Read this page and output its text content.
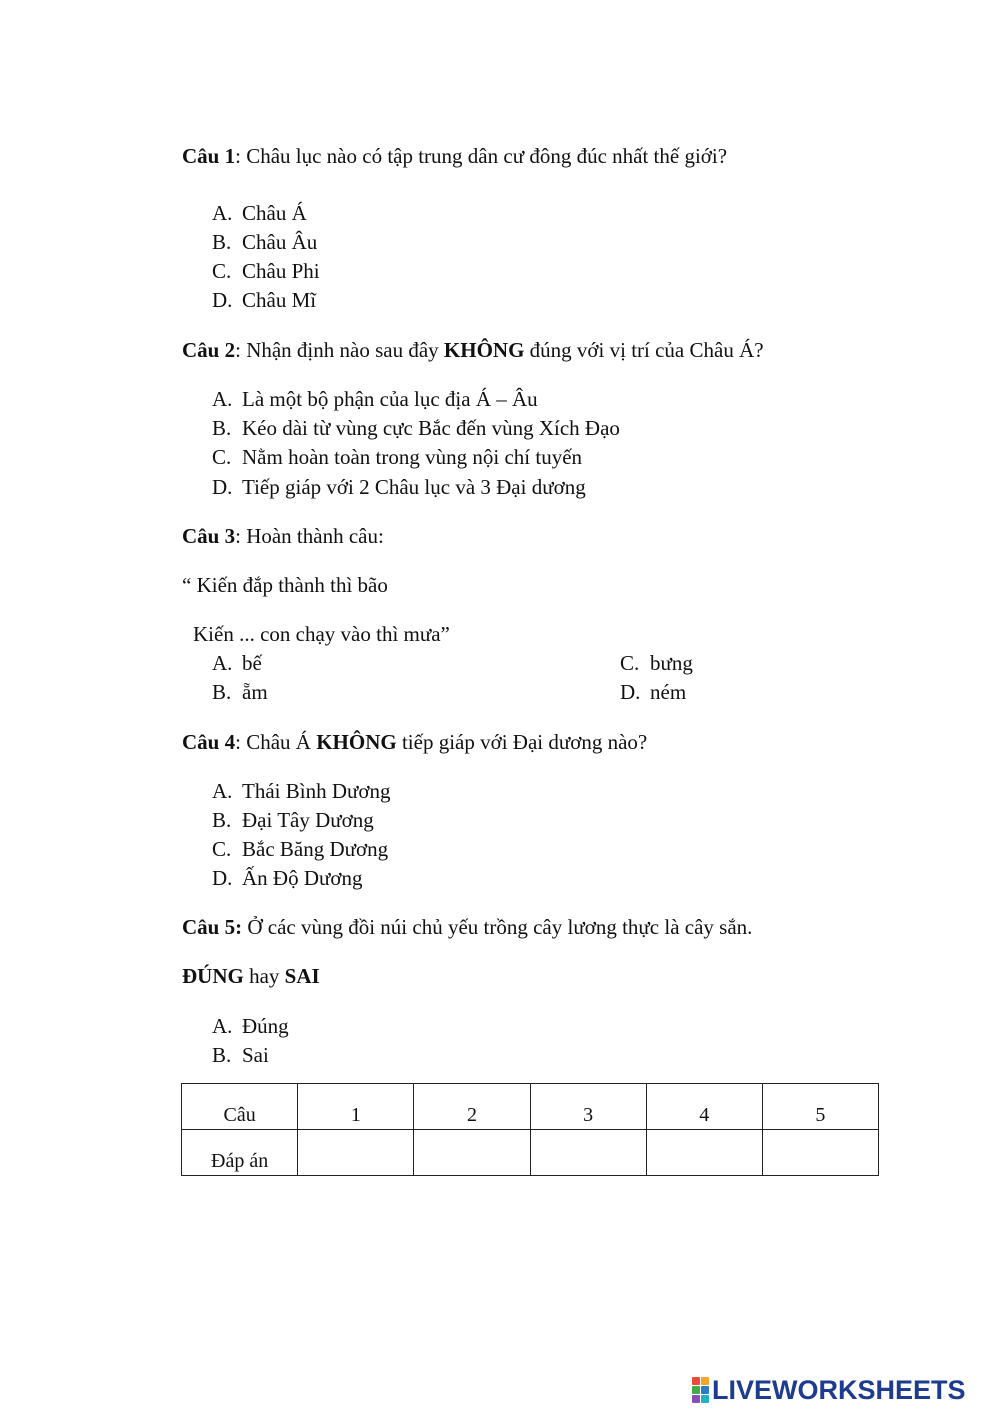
Câu 1: Châu lục nào có tập trung dân cư đông đúc nhất thế giới?
A. Châu Á
B. Châu Âu
C. Châu Phi
D. Châu Mĩ
Câu 2: Nhận định nào sau đây KHÔNG đúng với vị trí của Châu Á?
A. Là một bộ phận của lục địa Á – Âu
B. Kéo dài từ vùng cực Bắc đến vùng Xích Đạo
C. Nằm hoàn toàn trong vùng nội chí tuyến
D. Tiếp giáp với 2 Châu lục và 3 Đại dương
Câu 3: Hoàn thành câu:
“ Kiến đắp thành thì bão
Kiến ... con chạy vào thì mưa”
A. bế
B. ẵm
C. bưng
D. ném
Câu 4: Châu Á KHÔNG tiếp giáp với Đại dương nào?
A. Thái Bình Dương
B. Đại Tây Dương
C. Bắc Băng Dương
D. Ấn Độ Dương
Câu 5: Ở các vùng đồi núi chủ yếu trồng cây lương thực là cây sắn.
ĐÚNG hay SAI
A. Đúng
B. Sai
Câu	1	2	3	4	5
Đáp án					
LIVEWORKSHEETS
